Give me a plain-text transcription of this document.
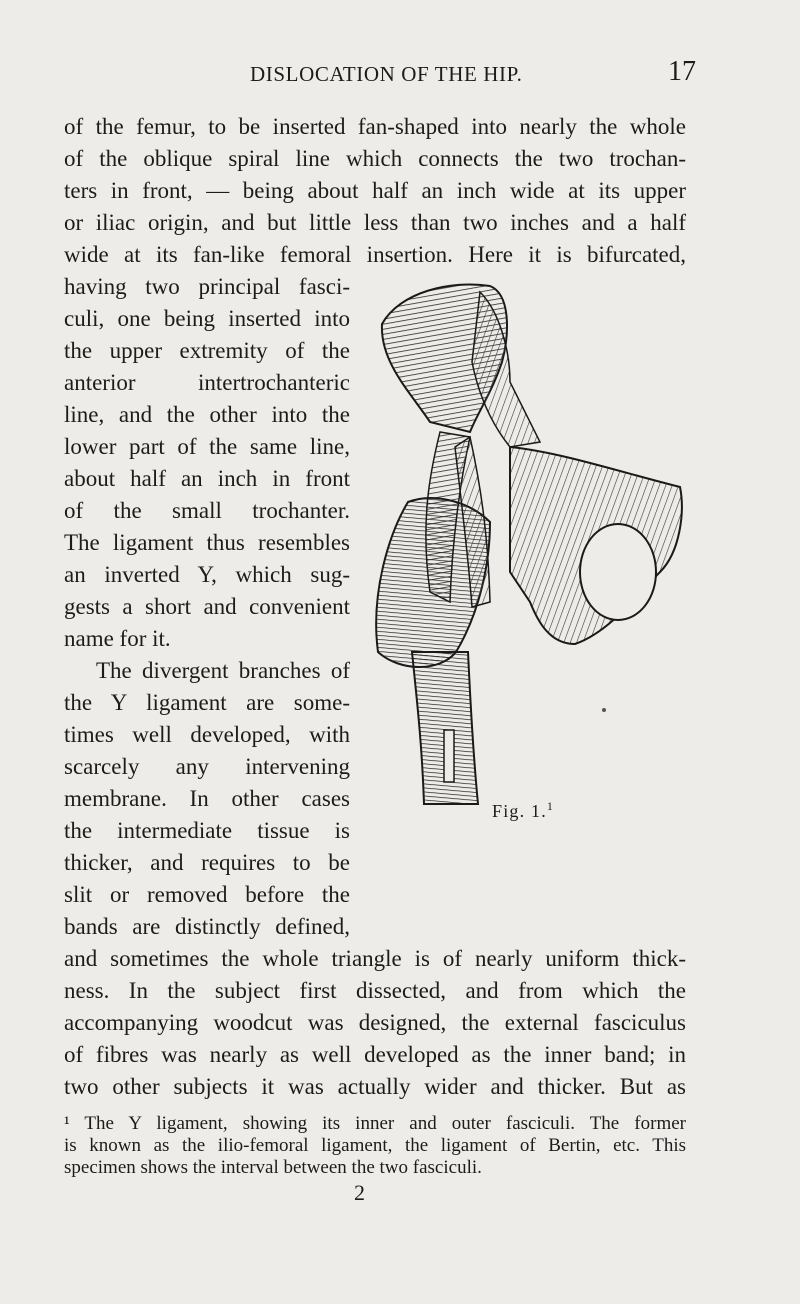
DISLOCATION OF THE HIP.	17
of the femur, to be inserted fan-shaped into nearly the whole
of the oblique spiral line which connects the two trochan-
ters in front, — being about half an inch wide at its upper
or iliac origin, and but little less than two inches and a half
wide at its fan-like femoral insertion. Here it is bifurcated,
having two principal fasci-
culi, one being inserted into
the upper extremity of the
anterior intertrochanteric
line, and the other into the
lower part of the same line,
about half an inch in front
of the small trochanter.
The ligament thus resembles
an inverted Y, which sug-
gests a short and convenient
name for it.
The divergent branches of
the Y ligament are some-
times well developed, with
scarcely any intervening
membrane. In other cases
the intermediate tissue is
thicker, and requires to be
slit or removed before the
bands are distinctly defined,
and sometimes the whole triangle is of nearly uniform thick-
ness. In the subject first dissected, and from which the
accompanying woodcut was designed, the external fasciculus
of fibres was nearly as well developed as the inner band; in
two other subjects it was actually wider and thicker. But as
Fig. 1.$^1$
¹ The Y ligament, showing its inner and outer fasciculi. The former
is known as the ilio-femoral ligament, the ligament of Bertin, etc. This
specimen shows the interval between the two fasciculi.
2
